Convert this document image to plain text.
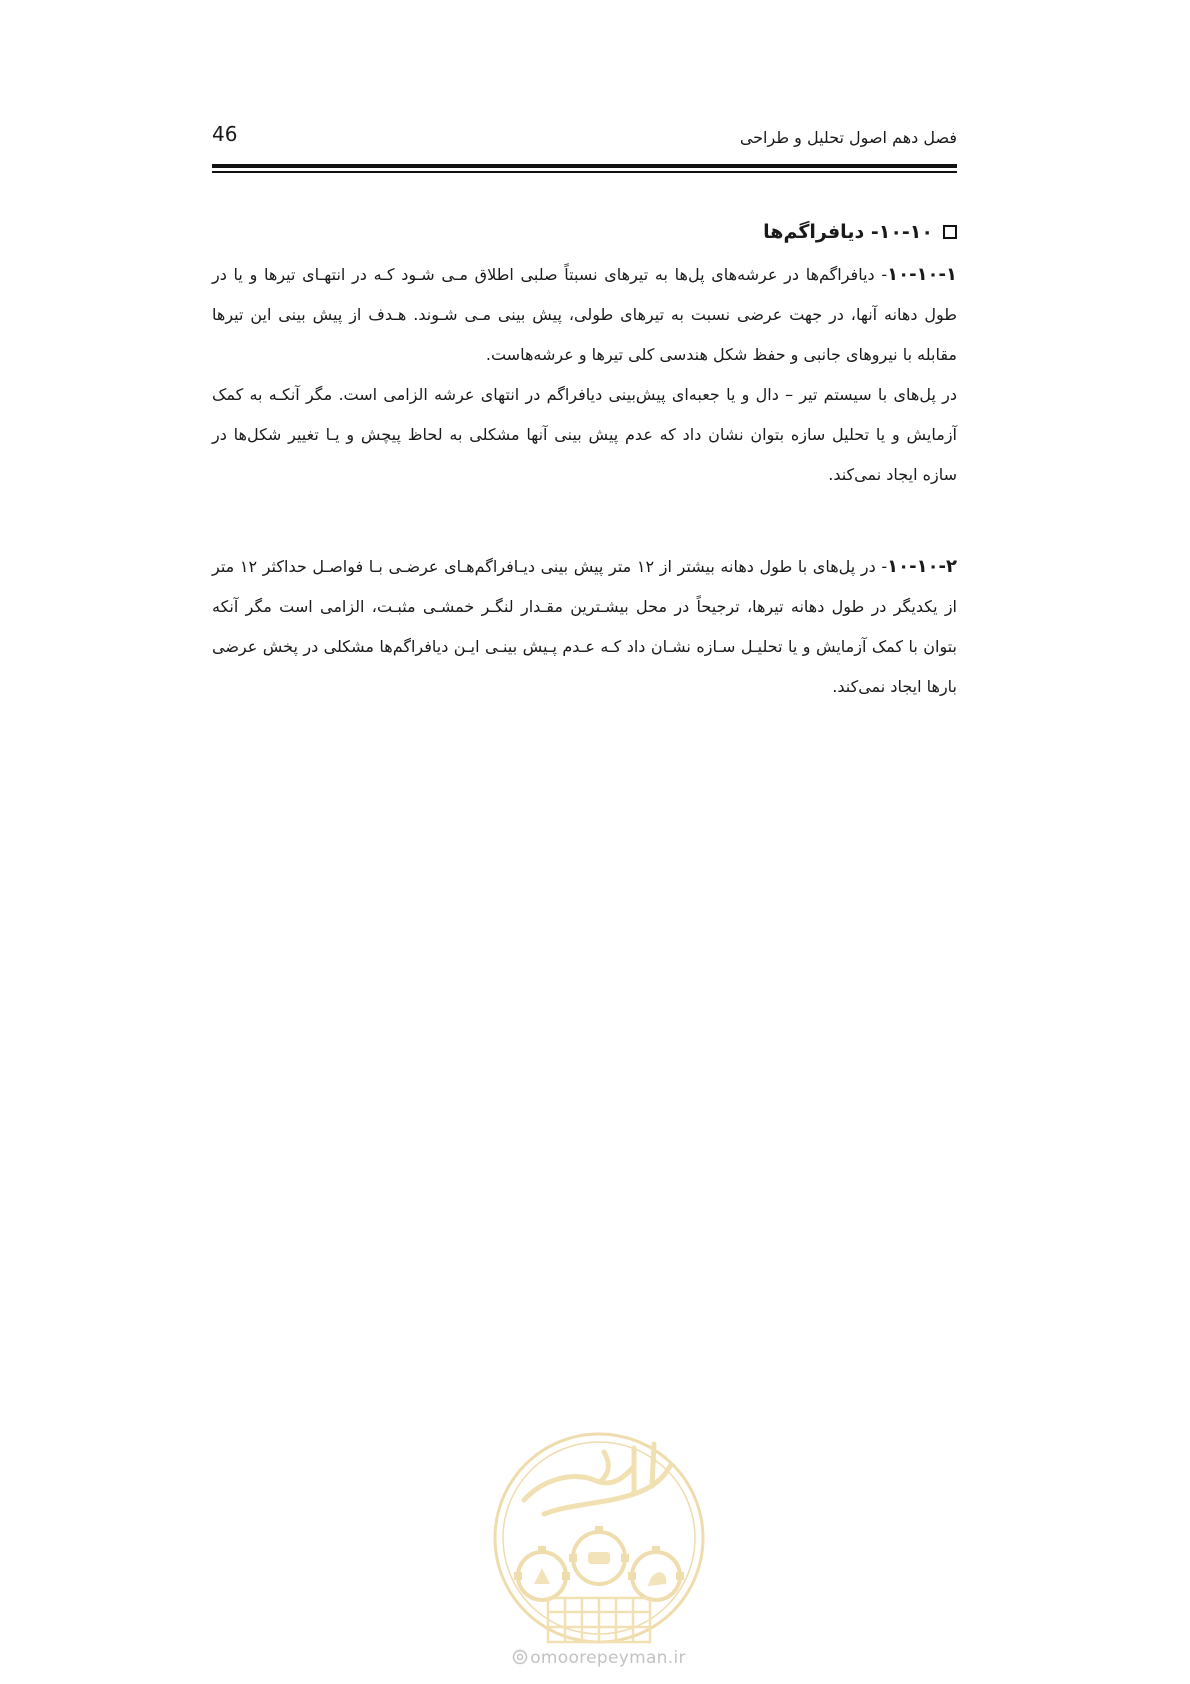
46	فصل دهم اصول تحلیل و طراحی
۱۰-۱۰- دیافراگم‌ها

۱۰-۱۰-۱- دیافراگم‌ها در عرشه‌های پل‌ها به تیرهای نسبتاً صلبی اطلاق مـی شـود کـه در انتهـای تیرها و یا در طول دهانه آنها، در جهت عرضی نسبت به تیرهای طولی، پیش بینی مـی شـوند. هـدف از پیش بینی این تیرها مقابله با نیروهای جانبی و حفظ شکل هندسی کلی تیرها و عرشه‌هاست.

در پل‌های با سیستم تیر – دال و یا جعبه‌ای پیش‌بینی دیافراگم در انتهای عرشه الزامی است. مگر آنکـه به کمک آزمایش و یا تحلیل سازه بتوان نشان داد که عدم پیش بینی آنها مشکلی به لحاظ پیچش و یـا تغییر شکل‌ها در سازه ایجاد نمی‌کند.

۱۰-۱۰-۲- در پل‌های با طول دهانه بیشتر از ۱۲ متر پیش بینی دیـافراگم‌هـای عرضـی بـا فواصـل حداکثر ۱۲ متر از یکدیگر در طول دهانه تیرها، ترجیحاً در محل بیشـترین مقـدار لنگـر خمشـی مثبـت، الزامی است مگر آنکه بتوان با کمک آزمایش و یا تحلیـل سـازه نشـان داد کـه عـدم پـیش بینـی ایـن دیافراگم‌ها مشکلی در پخش عرضی بارها ایجاد نمی‌کند.

omoorepeyman.ir
